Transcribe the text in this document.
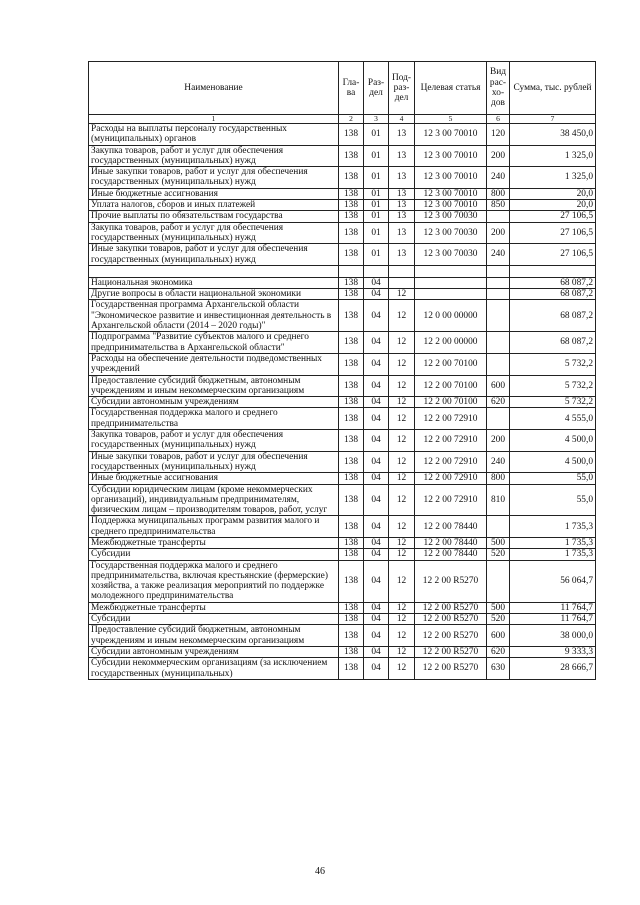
Наименование	Гла-ва	Раз-дел	Под-раз-дел	Целевая статья	Вид рас-хо-дов	Сумма, тыс. рублей
1	2	3	4	5	6	7
Расходы на выплаты персоналу государственных (муниципальных) органов	138	01	13	12 3 00 70010	120	38 450,0
Закупка товаров, работ и услуг для обеспечения государственных (муниципальных) нужд	138	01	13	12 3 00 70010	200	1 325,0
Иные закупки товаров, работ и услуг для обеспечения государственных (муниципальных) нужд	138	01	13	12 3 00 70010	240	1 325,0
Иные бюджетные ассигнования	138	01	13	12 3 00 70010	800	20,0
Уплата налогов, сборов и иных платежей	138	01	13	12 3 00 70010	850	20,0
Прочие выплаты по обязательствам государства	138	01	13	12 3 00 70030		27 106,5
Закупка товаров, работ и услуг для обеспечения государственных (муниципальных) нужд	138	01	13	12 3 00 70030	200	27 106,5
Иные закупки товаров, работ и услуг для обеспечения государственных (муниципальных) нужд	138	01	13	12 3 00 70030	240	27 106,5

Национальная экономика	138	04				68 087,2
Другие вопросы в области национальной экономики	138	04	12			68 087,2
Государственная программа Архангельской области "Экономическое развитие и инвестиционная деятельность в Архангельской области (2014 – 2020 годы)"	138	04	12	12 0 00 00000		68 087,2
Подпрограмма "Развитие субъектов малого и среднего предпринимательства в Архангельской области"	138	04	12	12 2 00 00000		68 087,2
Расходы на обеспечение деятельности подведомственных учреждений	138	04	12	12 2 00 70100		5 732,2
Предоставление субсидий бюджетным, автономным учреждениям и иным некоммерческим организациям	138	04	12	12 2 00 70100	600	5 732,2
Субсидии автономным учреждениям	138	04	12	12 2 00 70100	620	5 732,2
Государственная поддержка малого и среднего предпринимательства	138	04	12	12 2 00 72910		4 555,0
Закупка товаров, работ и услуг для обеспечения государственных (муниципальных) нужд	138	04	12	12 2 00 72910	200	4 500,0
Иные закупки товаров, работ и услуг для обеспечения государственных (муниципальных) нужд	138	04	12	12 2 00 72910	240	4 500,0
Иные бюджетные ассигнования	138	04	12	12 2 00 72910	800	55,0
Субсидии юридическим лицам (кроме некоммерческих организаций), индивидуальным предпринимателям, физическим лицам – производителям товаров, работ, услуг	138	04	12	12 2 00 72910	810	55,0
Поддержка муниципальных программ развития малого и среднего предпринимательства	138	04	12	12 2 00 78440		1 735,3
Межбюджетные трансферты	138	04	12	12 2 00 78440	500	1 735,3
Субсидии	138	04	12	12 2 00 78440	520	1 735,3
Государственная поддержка малого и среднего предпринимательства, включая крестьянские (фермерские) хозяйства, а также реализация мероприятий по поддержке молодежного предпринимательства	138	04	12	12 2 00 R5270		56 064,7
Межбюджетные трансферты	138	04	12	12 2 00 R5270	500	11 764,7
Субсидии	138	04	12	12 2 00 R5270	520	11 764,7
Предоставление субсидий бюджетным, автономным учреждениям и иным некоммерческим организациям	138	04	12	12 2 00 R5270	600	38 000,0
Субсидии автономным учреждениям	138	04	12	12 2 00 R5270	620	9 333,3
Субсидии некоммерческим организациям (за исключением государственных (муниципальных)	138	04	12	12 2 00 R5270	630	28 666,7
46
